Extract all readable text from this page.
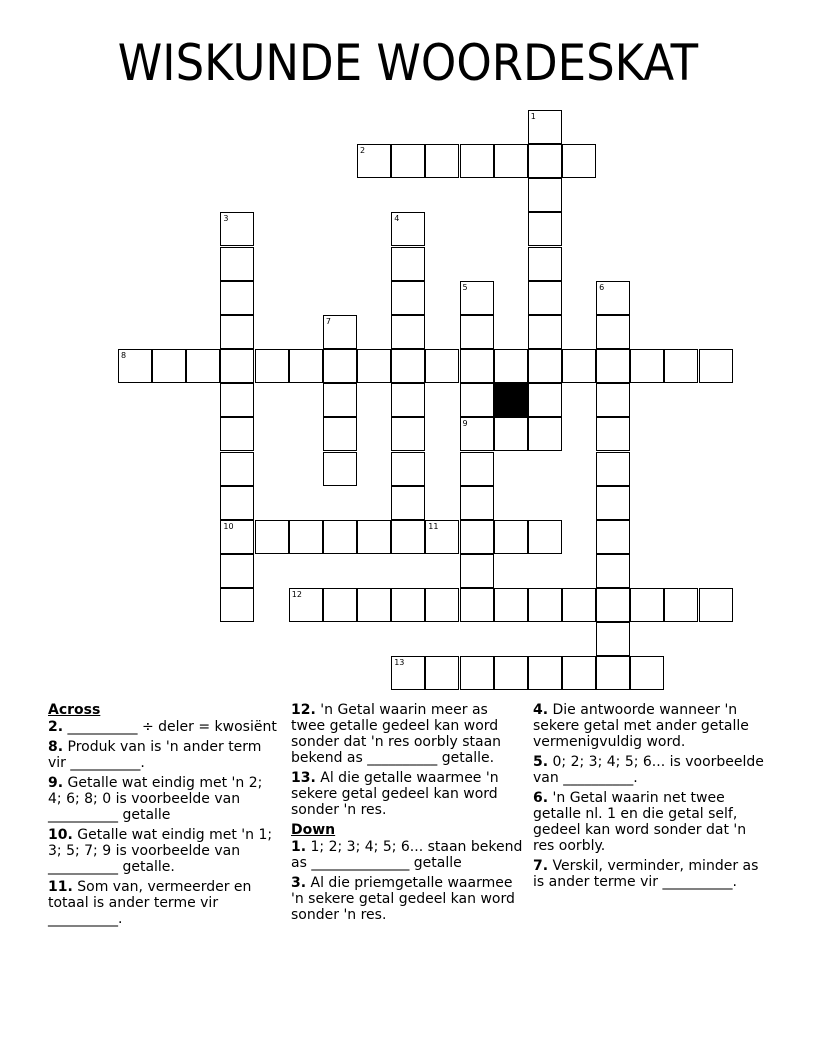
WISKUNDE WOORDESKAT
1
2
3	4
5	6
7
8
9
10	11
12
13
Across
2. __________ ÷ deler = kwosiënt
8. Produk van is 'n ander term vir __________.
9. Getalle wat eindig met 'n 2; 4; 6; 8; 0 is voorbeelde van __________ getalle
10. Getalle wat eindig met 'n 1; 3; 5; 7; 9 is voorbeelde van __________ getalle.
11. Som van, vermeerder en totaal is ander terme vir __________.
12. 'n Getal waarin meer as twee getalle gedeel kan word sonder dat 'n res oorbly staan bekend as __________ getalle.
13. Al die getalle waarmee 'n sekere getal gedeel kan word sonder 'n res.
Down
1. 1; 2; 3; 4; 5; 6... staan bekend as ______________ getalle
3. Al die priemgetalle waarmee 'n sekere getal gedeel kan word sonder 'n res.
4. Die antwoorde wanneer 'n sekere getal met ander getalle vermenigvuldig word.
5. 0; 2; 3; 4; 5; 6... is voorbeelde van __________.
6. 'n Getal waarin net twee getalle nl. 1 en die getal self, gedeel kan word sonder dat 'n res oorbly.
7. Verskil, verminder, minder as is ander terme vir __________.
